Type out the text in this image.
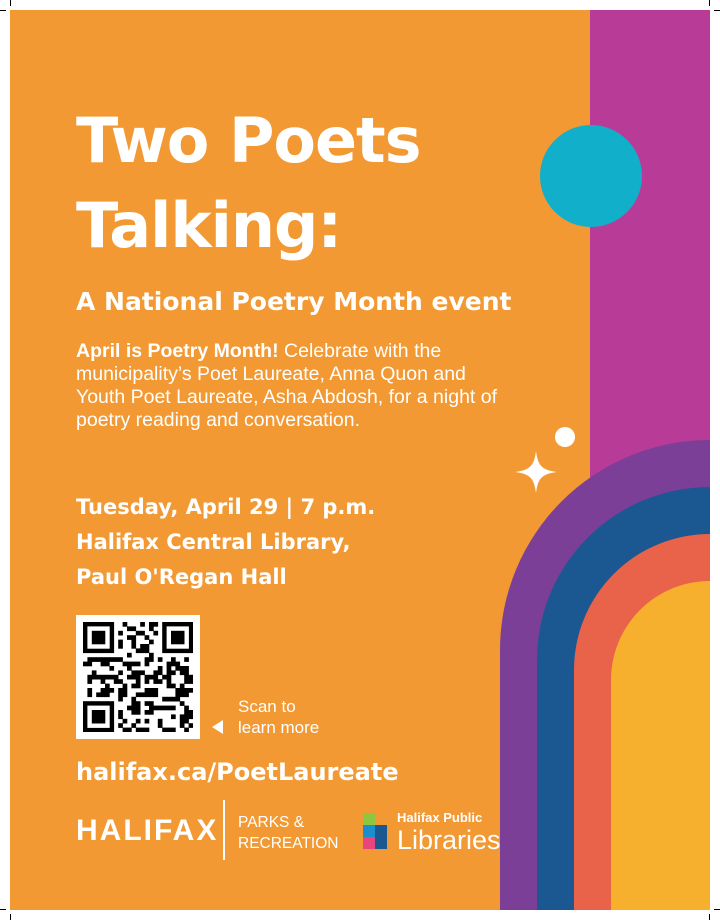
Two Poets
Talking:
A National Poetry Month event
April is Poetry Month! Celebrate with the municipality’s Poet Laureate, Anna Quon and Youth Poet Laureate, Asha Abdosh, for a night of poetry reading and conversation.
Tuesday, April 29 | 7 p.m.
Halifax Central Library,
Paul O'Regan Hall
Scan to
learn more
halifax.ca/PoetLaureate
HALIFAX PARKS &
RECREATION
Halifax Public
Libraries
